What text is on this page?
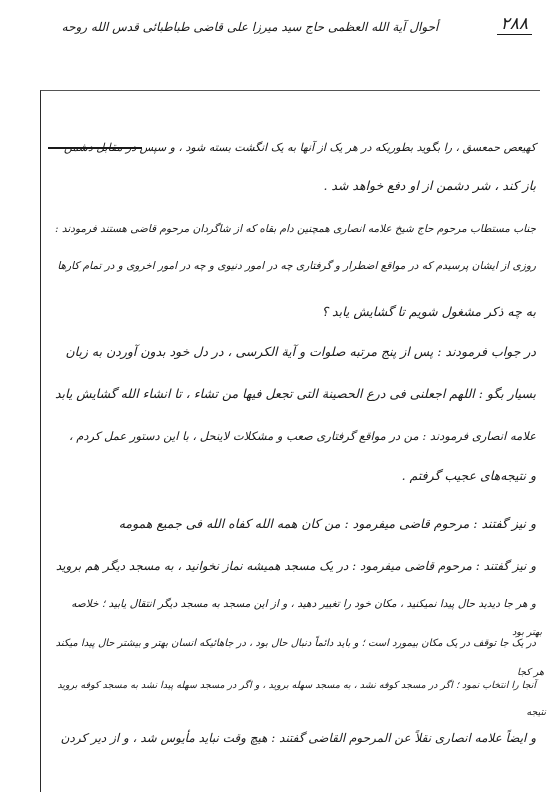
أحوال آية الله العظمی حاج سید میرزا علی قاضی طباطبائی قدس الله روحه	۲۸۸
کهیعص حمعسق ، را بگوید بطوریکه در هر یک از آنها به یک انگشت بسته شود ، و سپس در مقابل دشمن
باز کند ، شر دشمن از او دفع خواهد شد .
جناب مستطاب مرحوم حاج شیخ علامه انصاری همچنین دام بقاه که از شاگردان مرحوم قاضی هستند فرمودند :
روزی از ایشان پرسیدم که در مواقع اضطرار و گرفتاری چه در امور دنیوی و چه در امور اخروی و در تمام کارها
به چه ذکر مشغول شویم تا گشایش یابد ؟
در جواب فرمودند : پس از پنج مرتبه صلوات و آیة الکرسی ، در دل خود بدون آوردن به زبان
بسیار بگو : اللهم اجعلنی فی درع الحصینة التی تجعل فیها من تشاء ، تا انشاء الله گشایش یابد
علامه انصاری فرمودند : من در مواقع گرفتاری صعب و مشکلات لاینحل ، با این دستور عمل کردم ،
و نتیجه‌های عجیب گرفتم .
و نیز گفتند : مرحوم قاضی میفرمود : من کان همه الله کفاه الله فی جمیع همومه
و نیز گفتند : مرحوم قاضی میفرمود : در یک مسجد همیشه نماز نخوانید ، به مسجد دیگر هم بروید
و هر جا دیدید حال پیدا نمیکنید ، مکان خود را تغییر دهید ، و از این مسجد به مسجد دیگر انتقال یابید ؛ خلاصه
در یک جا توقف در یک مکان بیمورد است ؛ و باید دائماً دنبال حال بود ، در جاهائیکه انسان بهتر و بیشتر حال پیدا میکند
آنجا را انتخاب نمود ؛ اگر در مسجد کوفه نشد ، به مسجد سهله بروید ، و اگر در مسجد سهله پیدا نشد به مسجد کوفه بروید
و ایضاً علامه انصاری نقلاً عن المرحوم القاضی گفتند : هیچ وقت نباید مأیوس شد ، و از دیر کردن
بهتر بود
هر کجا
نتیجه
